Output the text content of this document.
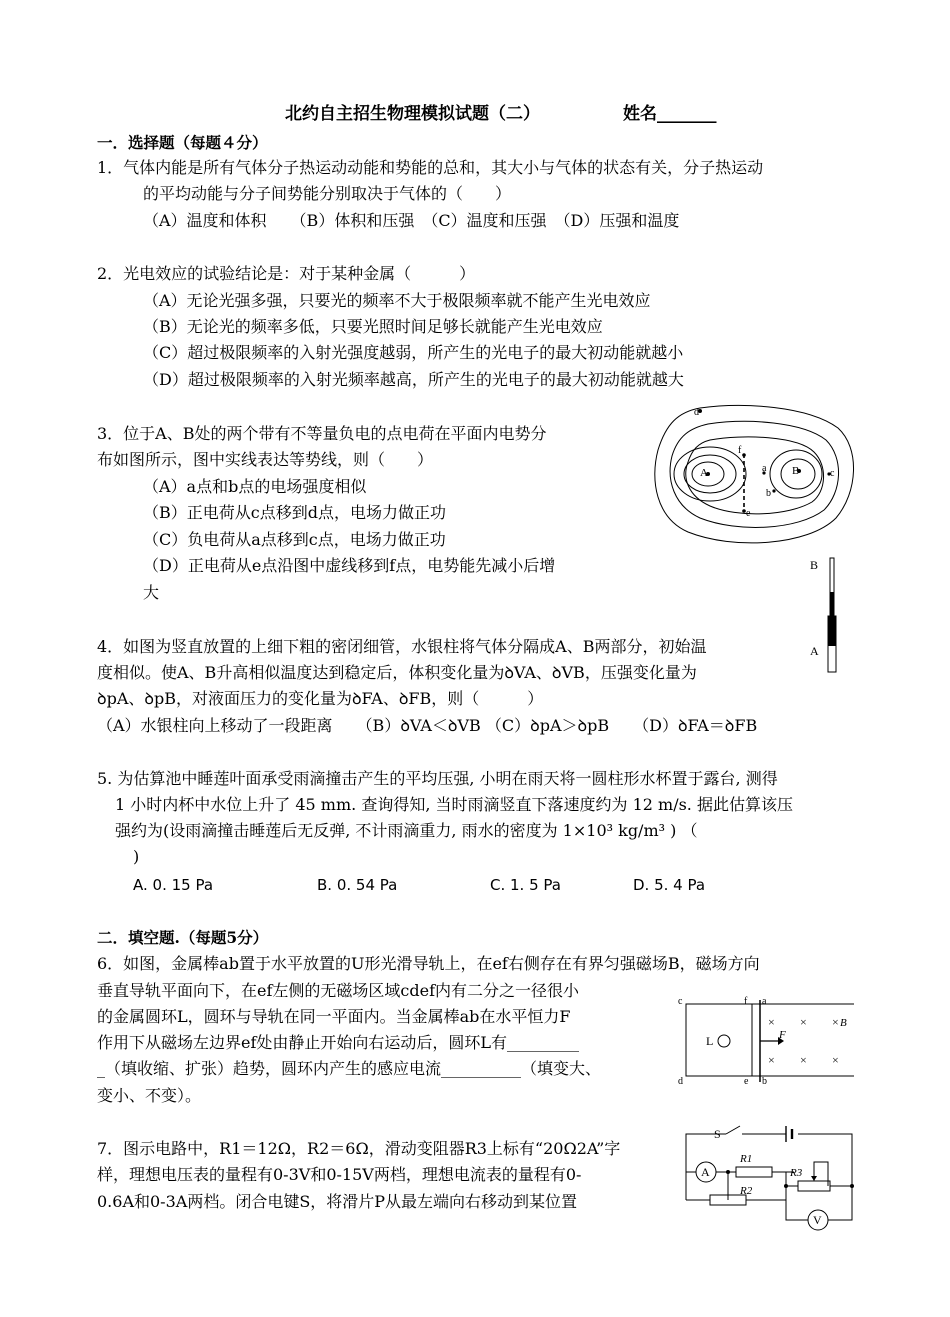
北约自主招生物理模拟试题（二）	姓名_______
一．选择题（每题４分）
1．气体内能是所有气体分子热运动动能和势能的总和，其大小与气体的状态有关，分子热运动
的平均动能与分子间势能分别取决于气体的（　　）
（A）温度和体积　　（B）体积和压强　（C）温度和压强　（D）压强和温度
2．光电效应的试验结论是：对于某种金属（　　　）
（A）无论光强多强，只要光的频率不大于极限频率就不能产生光电效应
（B）无论光的频率多低，只要光照时间足够长就能产生光电效应
（C）超过极限频率的入射光强度越弱，所产生的光电子的最大初动能就越小
（D）超过极限频率的入射光频率越高，所产生的光电子的最大初动能就越大
3．位于A、B处的两个带有不等量负电的点电荷在平面内电势分
布如图所示，图中实线表达等势线，则（　　）
（A）a点和b点的电场强度相似
（B）正电荷从c点移到d点，电场力做正功
（C）负电荷从a点移到c点，电场力做正功
（D）正电荷从e点沿图中虚线移到f点，电势能先减小后增
大
A	B
a
b
c
d
e
f
4．如图为竖直放置的上细下粗的密闭细管，水银柱将气体分隔成A、B两部分，初始温
度相似。使A、B升高相似温度达到稳定后，体积变化量为ꝺVA、ꝺVB，压强变化量为
ꝺpA、ꝺpB，对液面压力的变化量为ꝺFA、ꝺFB，则（　　　）
（A）水银柱向上移动了一段距离　　（B）ꝺVA＜ꝺVB （C）ꝺpA＞ꝺpB　　（D）ꝺFA＝ꝺFB
B
A
5. 为估算池中睡莲叶面承受雨滴撞击产生的平均压强, 小明在雨天将一圆柱形水杯置于露台, 测得
1 小时内杯中水位上升了 45 mm. 查询得知, 当时雨滴竖直下落速度约为 12 m/s. 据此估算该压
强约为(设雨滴撞击睡莲后无反弹, 不计雨滴重力, 雨水的密度为 1×10³ kg/m³ ) （
)
A. 0. 15 Pa	B. 0. 54 Pa	C. 1. 5 Pa	D. 5. 4 Pa
二．填空题.（每题5分）
6．如图，金属棒ab置于水平放置的U形光滑导轨上，在ef右侧存在有界匀强磁场B，磁场方向
垂直导轨平面向下，在ef左侧的无磁场区域cdef内有二分之一径很小
的金属圆环L，圆环与导轨在同一平面内。当金属棒ab在水平恒力F
作用下从磁场左边界ef处由静止开始向右运动后，圆环L有_________
_（填收缩、扩张）趋势，圆环内产生的感应电流__________（填变大、
变小、不变）。
c
d
f
e
a
b
L
× × ×
× × ×
B
F
7．图示电路中，R1＝12Ω，R2＝6Ω，滑动变阻器R3上标有“20Ω2A”字
样，理想电压表的量程有0-3V和0-15V两档，理想电流表的量程有0-
0.6A和0-3A两档。闭合电键S，将滑片P从最左端向右移动到某位置
S
A
V
R1
R2
R3
